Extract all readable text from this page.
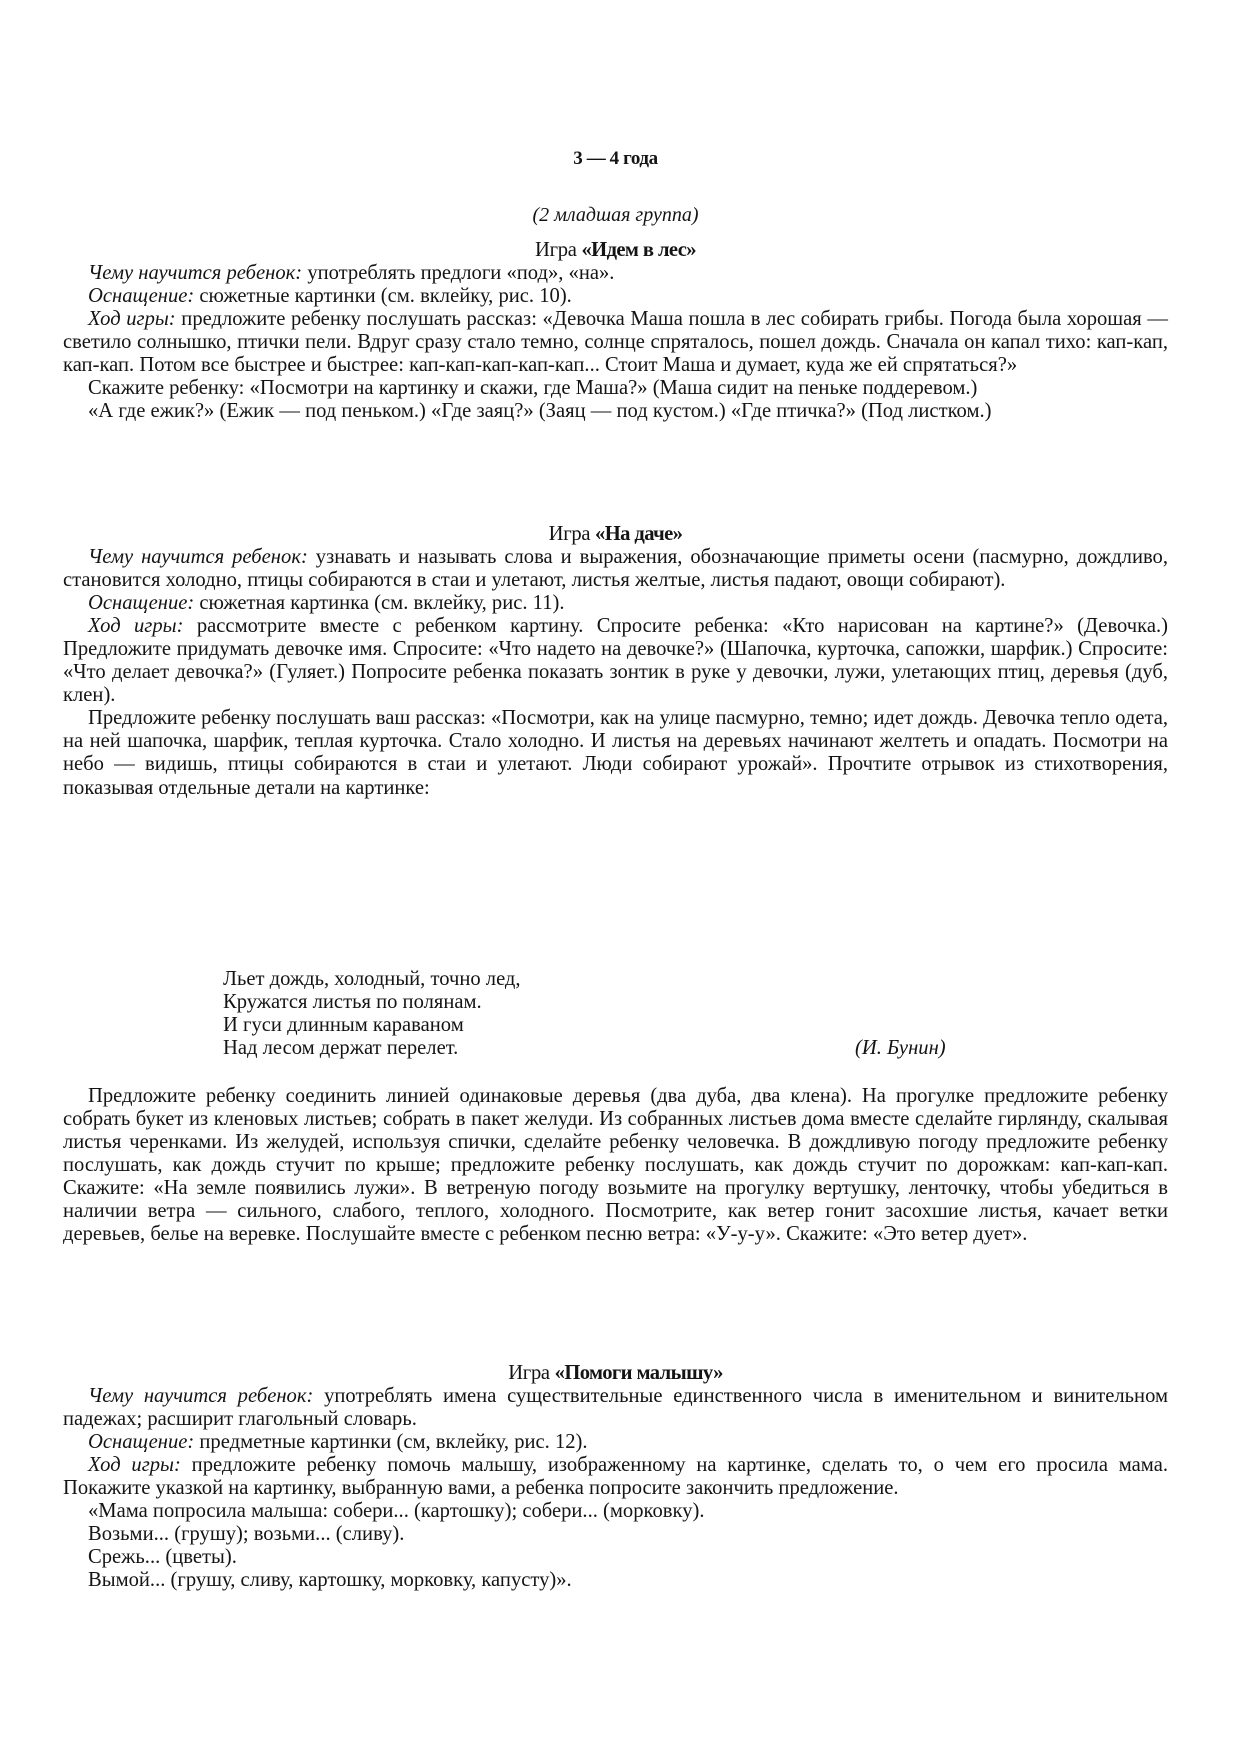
3 — 4 года
(2 младшая группа)
Игра «Идем в лес»

Чему научится ребенок: употреблять предлоги «под», «на».

Оснащение: сюжетные картинки (см. вклейку, рис. 10).

Ход игры: предложите ребенку послушать рассказ: «Девочка Маша пошла в лес собирать грибы. Погода была хорошая — светило солнышко, птички пели. Вдруг сразу стало темно, солнце спряталось, пошел дождь. Сначала он капал тихо: кап-кап, кап-кап. Потом все быстрее и быстрее: кап-кап-кап-кап-кап... Стоит Маша и думает, куда же ей спрятаться?»

Скажите ребенку: «Посмотри на картинку и скажи, где Маша?» (Маша сидит на пеньке поддеревом.)

«А где ежик?» (Ежик — под пеньком.) «Где заяц?» (Заяц — под кустом.) «Где птичка?» (Под листком.)

Игра «На даче»

Чему научится ребенок: узнавать и называть слова и выражения, обозначающие приметы осени (пасмурно, дождливо, становится холодно, птицы собираются в стаи и улетают, листья желтые, листья падают, овощи собирают).

Оснащение: сюжетная картинка (см. вклейку, рис. 11).

Ход игры: рассмотрите вместе с ребенком картину. Спросите ребенка: «Кто нарисован на картине?» (Девочка.) Предложите придумать девочке имя. Спросите: «Что надето на девочке?» (Шапочка, курточка, сапожки, шарфик.) Спросите: «Что делает девочка?» (Гуляет.) Попросите ребенка показать зонтик в руке у девочки, лужи, улетающих птиц, деревья (дуб, клен).

Предложите ребенку послушать ваш рассказ: «Посмотри, как на улице пасмурно, темно; идет дождь. Девочка тепло одета, на ней шапочка, шарфик, теплая курточка. Стало холодно. И листья на деревьях начинают желтеть и опадать. Посмотри на небо — видишь, птицы собираются в стаи и улетают. Люди собирают урожай». Прочтите отрывок из стихотворения, показывая отдельные детали на картинке:

Льет дождь, холодный, точно лед,
Кружатся листья по полянам.
И гуси длинным караваном
Над лесом держат перелет.	(И. Бунин)

Предложите ребенку соединить линией одинаковые деревья (два дуба, два клена). На прогулке предложите ребенку собрать букет из кленовых листьев; собрать в пакет желуди. Из собранных листьев дома вместе сделайте гирлянду, скалывая листья черенками. Из желудей, используя спички, сделайте ребенку человечка. В дождливую погоду предложите ребенку послушать, как дождь стучит по крыше; предложите ребенку послушать, как дождь стучит по дорожкам: кап-кап-кап. Скажите: «На земле появились лужи». В ветреную погоду возьмите на прогулку вертушку, ленточку, чтобы убедиться в наличии ветра — сильного, слабого, теплого, холодного. Посмотрите, как ветер гонит засохшие листья, качает ветки деревьев, белье на веревке. Послушайте вместе с ребенком песню ветра: «У-у-у». Скажите: «Это ветер дует».

Игра «Помоги малышу»

Чему научится ребенок: употреблять имена существительные единственного числа в именительном и винительном падежах; расширит глагольный словарь.

Оснащение: предметные картинки (см, вклейку, рис. 12).

Ход игры: предложите ребенку помочь малышу, изображенному на картинке, сделать то, о чем его просила мама. Покажите указкой на картинку, выбранную вами, а ребенка попросите закончить предложение.

«Мама попросила малыша: собери... (картошку); собери... (морковку).
Возьми... (грушу); возьми... (сливу).
Срежь... (цветы).
Вымой... (грушу, сливу, картошку, морковку, капусту)».
